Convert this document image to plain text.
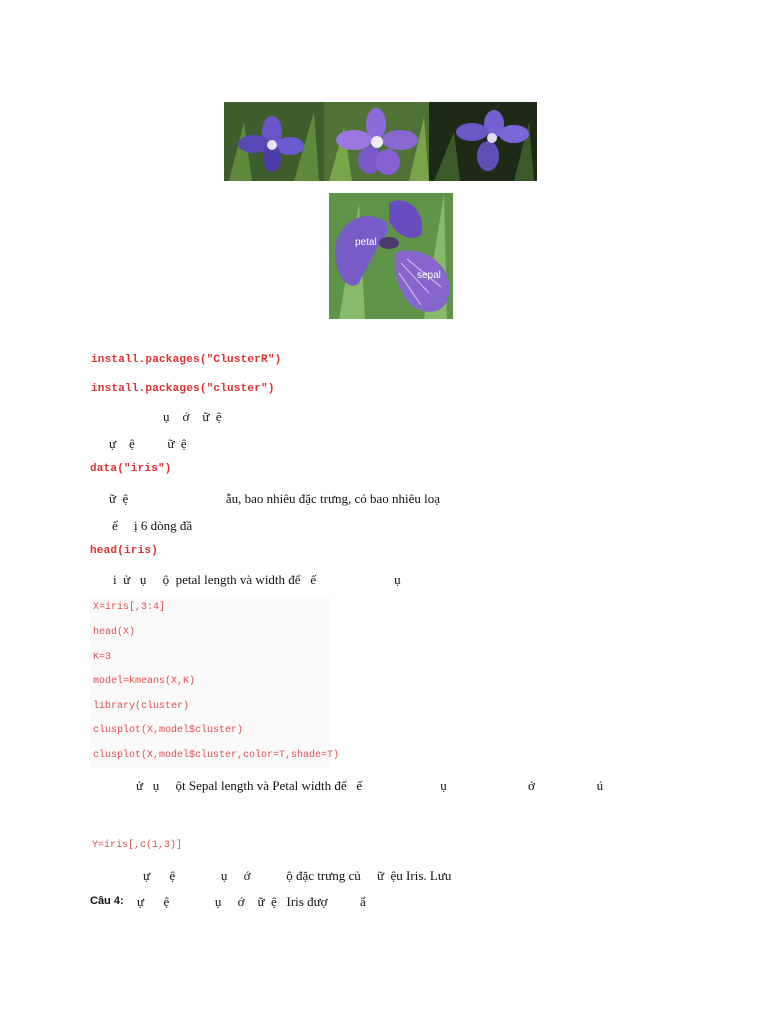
petal
sepal
install.packages("ClusterR")
install.packages("cluster")
ụ    ớ    ữ  ệ
ự    ệ          ữ  ệ
data("iris")
ữ  ệ                              ẫu, bao nhiêu đặc trưng, có bao nhiêu loạ
ể     ị 6 dòng đầ
head(iris)
i  ử   ụ     ộ  petal length và width để   ế                        ụ
X=iris[,3:4]
head(X)
K=3
model=kmeans(X,K)
library(cluster)
clusplot(X,model$cluster)
clusplot(X,model$cluster,color=T,shade=T)
ử   ụ     ột Sepal length và Petal width để   ế                        ụ                         ớ                   ú
Y=iris[,c(1,3)]
ự      ệ              ụ     ớ           ộ đặc trưng củ     ữ  ệu Iris. Lưu
Câu 4: ự      ệ              ụ     ớ    ữ  ệ   Iris đượ          ẩ
